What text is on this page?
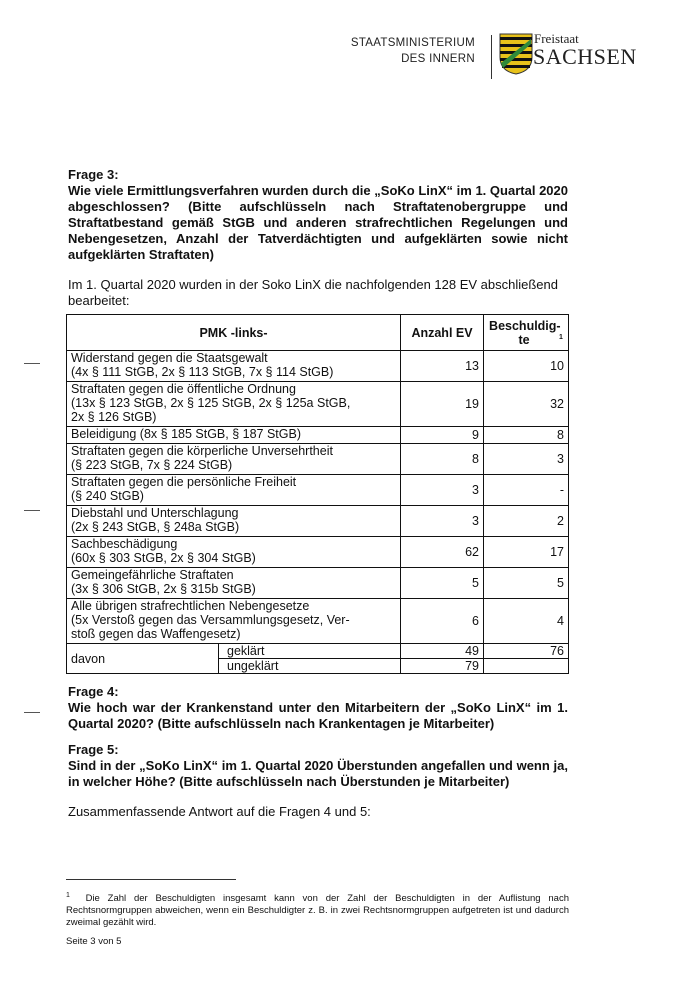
STAATSMINISTERIUM
DES INNERN
Freistaat
SACHSEN
Frage 3:
Wie viele Ermittlungsverfahren wurden durch die „SoKo LinX“ im 1. Quartal 2020 abgeschlossen? (Bitte aufschlüsseln nach Straftatenobergruppe und Straftatbestand gemäß StGB und anderen strafrechtlichen Regelungen und Nebengesetzen, Anzahl der Tatverdächtigten und aufgeklärten sowie nicht aufgeklärten Straftaten)
Im 1. Quartal 2020 wurden in der Soko LinX die nachfolgenden 128 EV abschließend bearbeitet:
PMK -links-		Anzahl EV	Beschuldig-te $^1$

Widerstand gegen die Staatsgewalt
(4x § 111 StGB, 2x § 113 StGB, 7x § 114 StGB)		13	10

Straftaten gegen die öffentliche Ordnung
(13x § 123 StGB, 2x § 125 StGB, 2x § 125a StGB,
2x § 126 StGB)		19	32

Beleidigung (8x § 185 StGB, § 187 StGB)		9	8

Straftaten gegen die körperliche Unversehrtheit
(§ 223 StGB, 7x § 224 StGB)		8	3

Straftaten gegen die persönliche Freiheit
(§ 240 StGB)		3	-

Diebstahl und Unterschlagung
(2x § 243 StGB, § 248a StGB)		3	2

Sachbeschädigung
(60x § 303 StGB, 2x § 304 StGB)		62	17

Gemeingefährliche Straftaten
(3x § 306 StGB, 2x § 315b StGB)		5	5

Alle übrigen strafrechtlichen Nebengesetze
(5x Verstoß gegen das Versammlungsgesetz, Ver-
stoß gegen das Waffengesetz)		6	4
davon	geklärt	49	76
	ungeklärt	79	
Frage 4:
Wie hoch war der Krankenstand unter den Mitarbeitern der „SoKo LinX“ im 1. Quartal 2020? (Bitte aufschlüsseln nach Krankentagen je Mitarbeiter)
Frage 5:
Sind in der „SoKo LinX“ im 1. Quartal 2020 Überstunden angefallen und wenn ja, in welcher Höhe? (Bitte aufschlüsseln nach Überstunden je Mitarbeiter)
Zusammenfassende Antwort auf die Fragen 4 und 5:
$^1$ Die Zahl der Beschuldigten insgesamt kann von der Zahl der Beschuldigten in der Auflistung nach Rechtsnormgruppen abweichen, wenn ein Beschuldigter z. B. in zwei Rechtsnormgruppen aufgetreten ist und dadurch zweimal gezählt wird.
Seite 3 von 5
